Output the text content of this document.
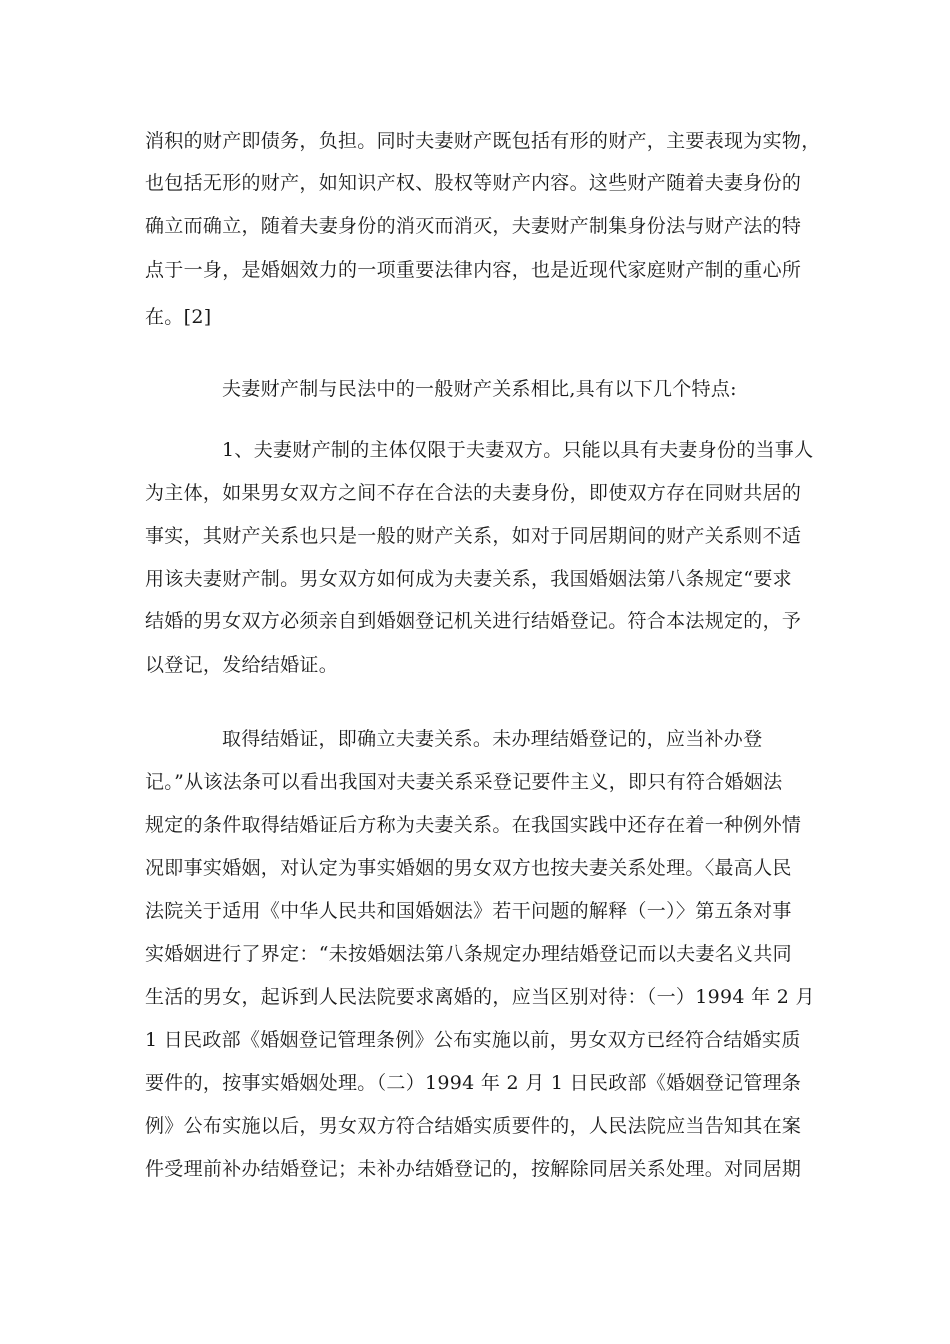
消积的财产即债务，负担。同时夫妻财产既包括有形的财产，主要表现为实物，
也包括无形的财产，如知识产权、股权等财产内容。这些财产随着夫妻身份的
确立而确立，随着夫妻身份的消灭而消灭，夫妻财产制集身份法与财产法的特
点于一身，是婚姻效力的一项重要法律内容，也是近现代家庭财产制的重心所
在。[2]
夫妻财产制与民法中的一般财产关系相比,具有以下几个特点:
1、夫妻财产制的主体仅限于夫妻双方。只能以具有夫妻身份的当事人
为主体，如果男女双方之间不存在合法的夫妻身份，即使双方存在同财共居的
事实，其财产关系也只是一般的财产关系，如对于同居期间的财产关系则不适
用该夫妻财产制。男女双方如何成为夫妻关系，我国婚姻法第八条规定“要求
结婚的男女双方必须亲自到婚姻登记机关进行结婚登记。符合本法规定的，予
以登记，发给结婚证。
取得结婚证，即确立夫妻关系。未办理结婚登记的，应当补办登
记。”从该法条可以看出我国对夫妻关系采登记要件主义，即只有符合婚姻法
规定的条件取得结婚证后方称为夫妻关系。在我国实践中还存在着一种例外情
况即事实婚姻，对认定为事实婚姻的男女双方也按夫妻关系处理。〈最高人民
法院关于适用《中华人民共和国婚姻法》若干问题的解释（一）〉第五条对事
实婚姻进行了界定：“未按婚姻法第八条规定办理结婚登记而以夫妻名义共同
生活的男女，起诉到人民法院要求离婚的，应当区别对待：（一）1994 年 2 月
1 日民政部《婚姻登记管理条例》公布实施以前，男女双方已经符合结婚实质
要件的，按事实婚姻处理。（二）1994 年 2 月 1 日民政部《婚姻登记管理条
例》公布实施以后，男女双方符合结婚实质要件的，人民法院应当告知其在案
件受理前补办结婚登记；未补办结婚登记的，按解除同居关系处理。对同居期
